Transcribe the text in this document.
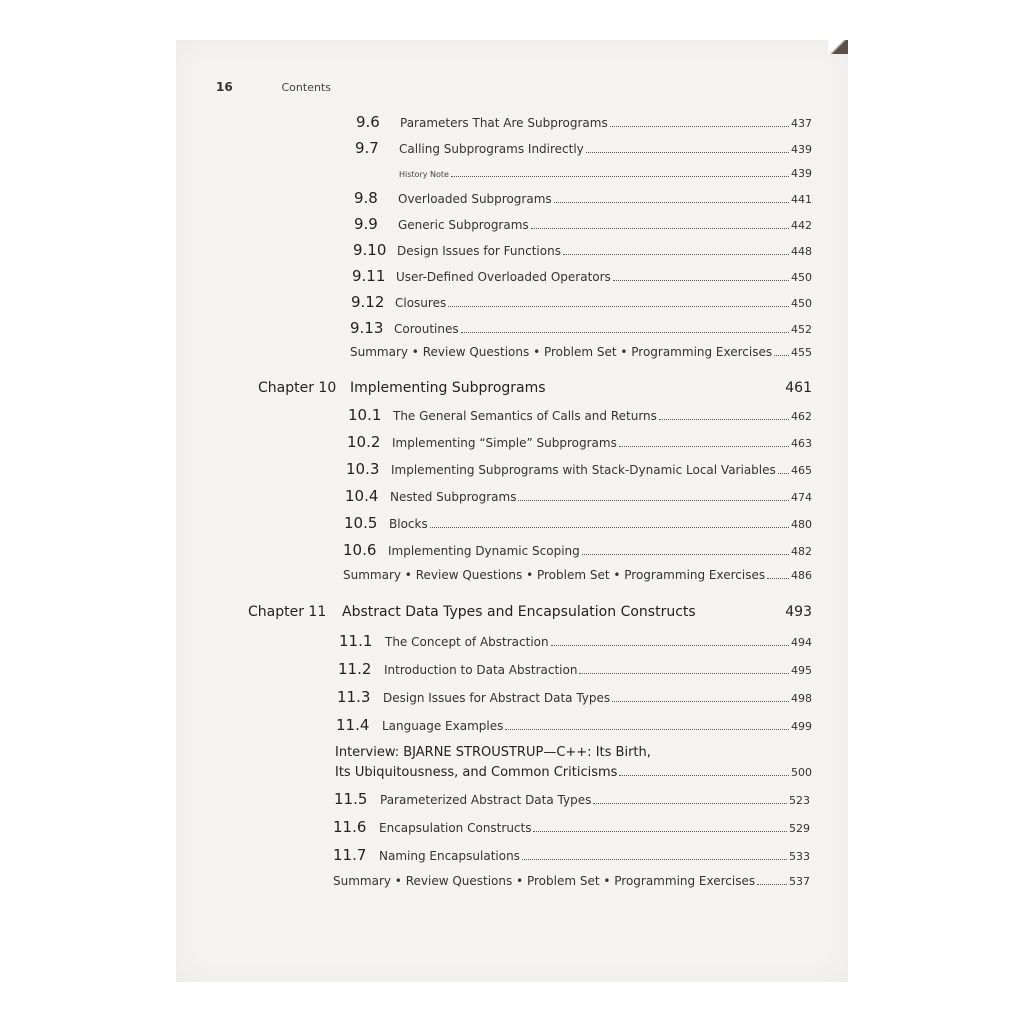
16	Contents
9.6	Parameters That Are Subprograms	437
9.7	Calling Subprograms Indirectly	439
History Note	439
9.8	Overloaded Subprograms	441
9.9	Generic Subprograms	442
9.10 Design Issues for Functions	448
9.11 User-Defined Overloaded Operators	450
9.12 Closures	450
9.13 Coroutines	452
Summary • Review Questions • Problem Set • Programming Exercises 455
Chapter 10 Implementing Subprograms	461
10.1 The General Semantics of Calls and Returns	462
10.2 Implementing “Simple” Subprograms	463
10.3 Implementing Subprograms with Stack-Dynamic Local Variables 465
10.4 Nested Subprograms	474
10.5 Blocks	480
10.6 Implementing Dynamic Scoping	482
Summary • Review Questions • Problem Set • Programming Exercises 486
Chapter 11	Abstract Data Types and Encapsulation Constructs	493
11.1	The Concept of Abstraction	494
11.2	Introduction to Data Abstraction	495
11.3	Design Issues for Abstract Data Types	498
11.4	Language Examples	499
Interview: BJARNE STROUSTRUP—C++: Its Birth,
Its Ubiquitousness, and Common Criticisms	500
11.5	Parameterized Abstract Data Types	523
11.6	Encapsulation Constructs	529
11.7	Naming Encapsulations	533
Summary • Review Questions • Problem Set • Programming Exercises	537
